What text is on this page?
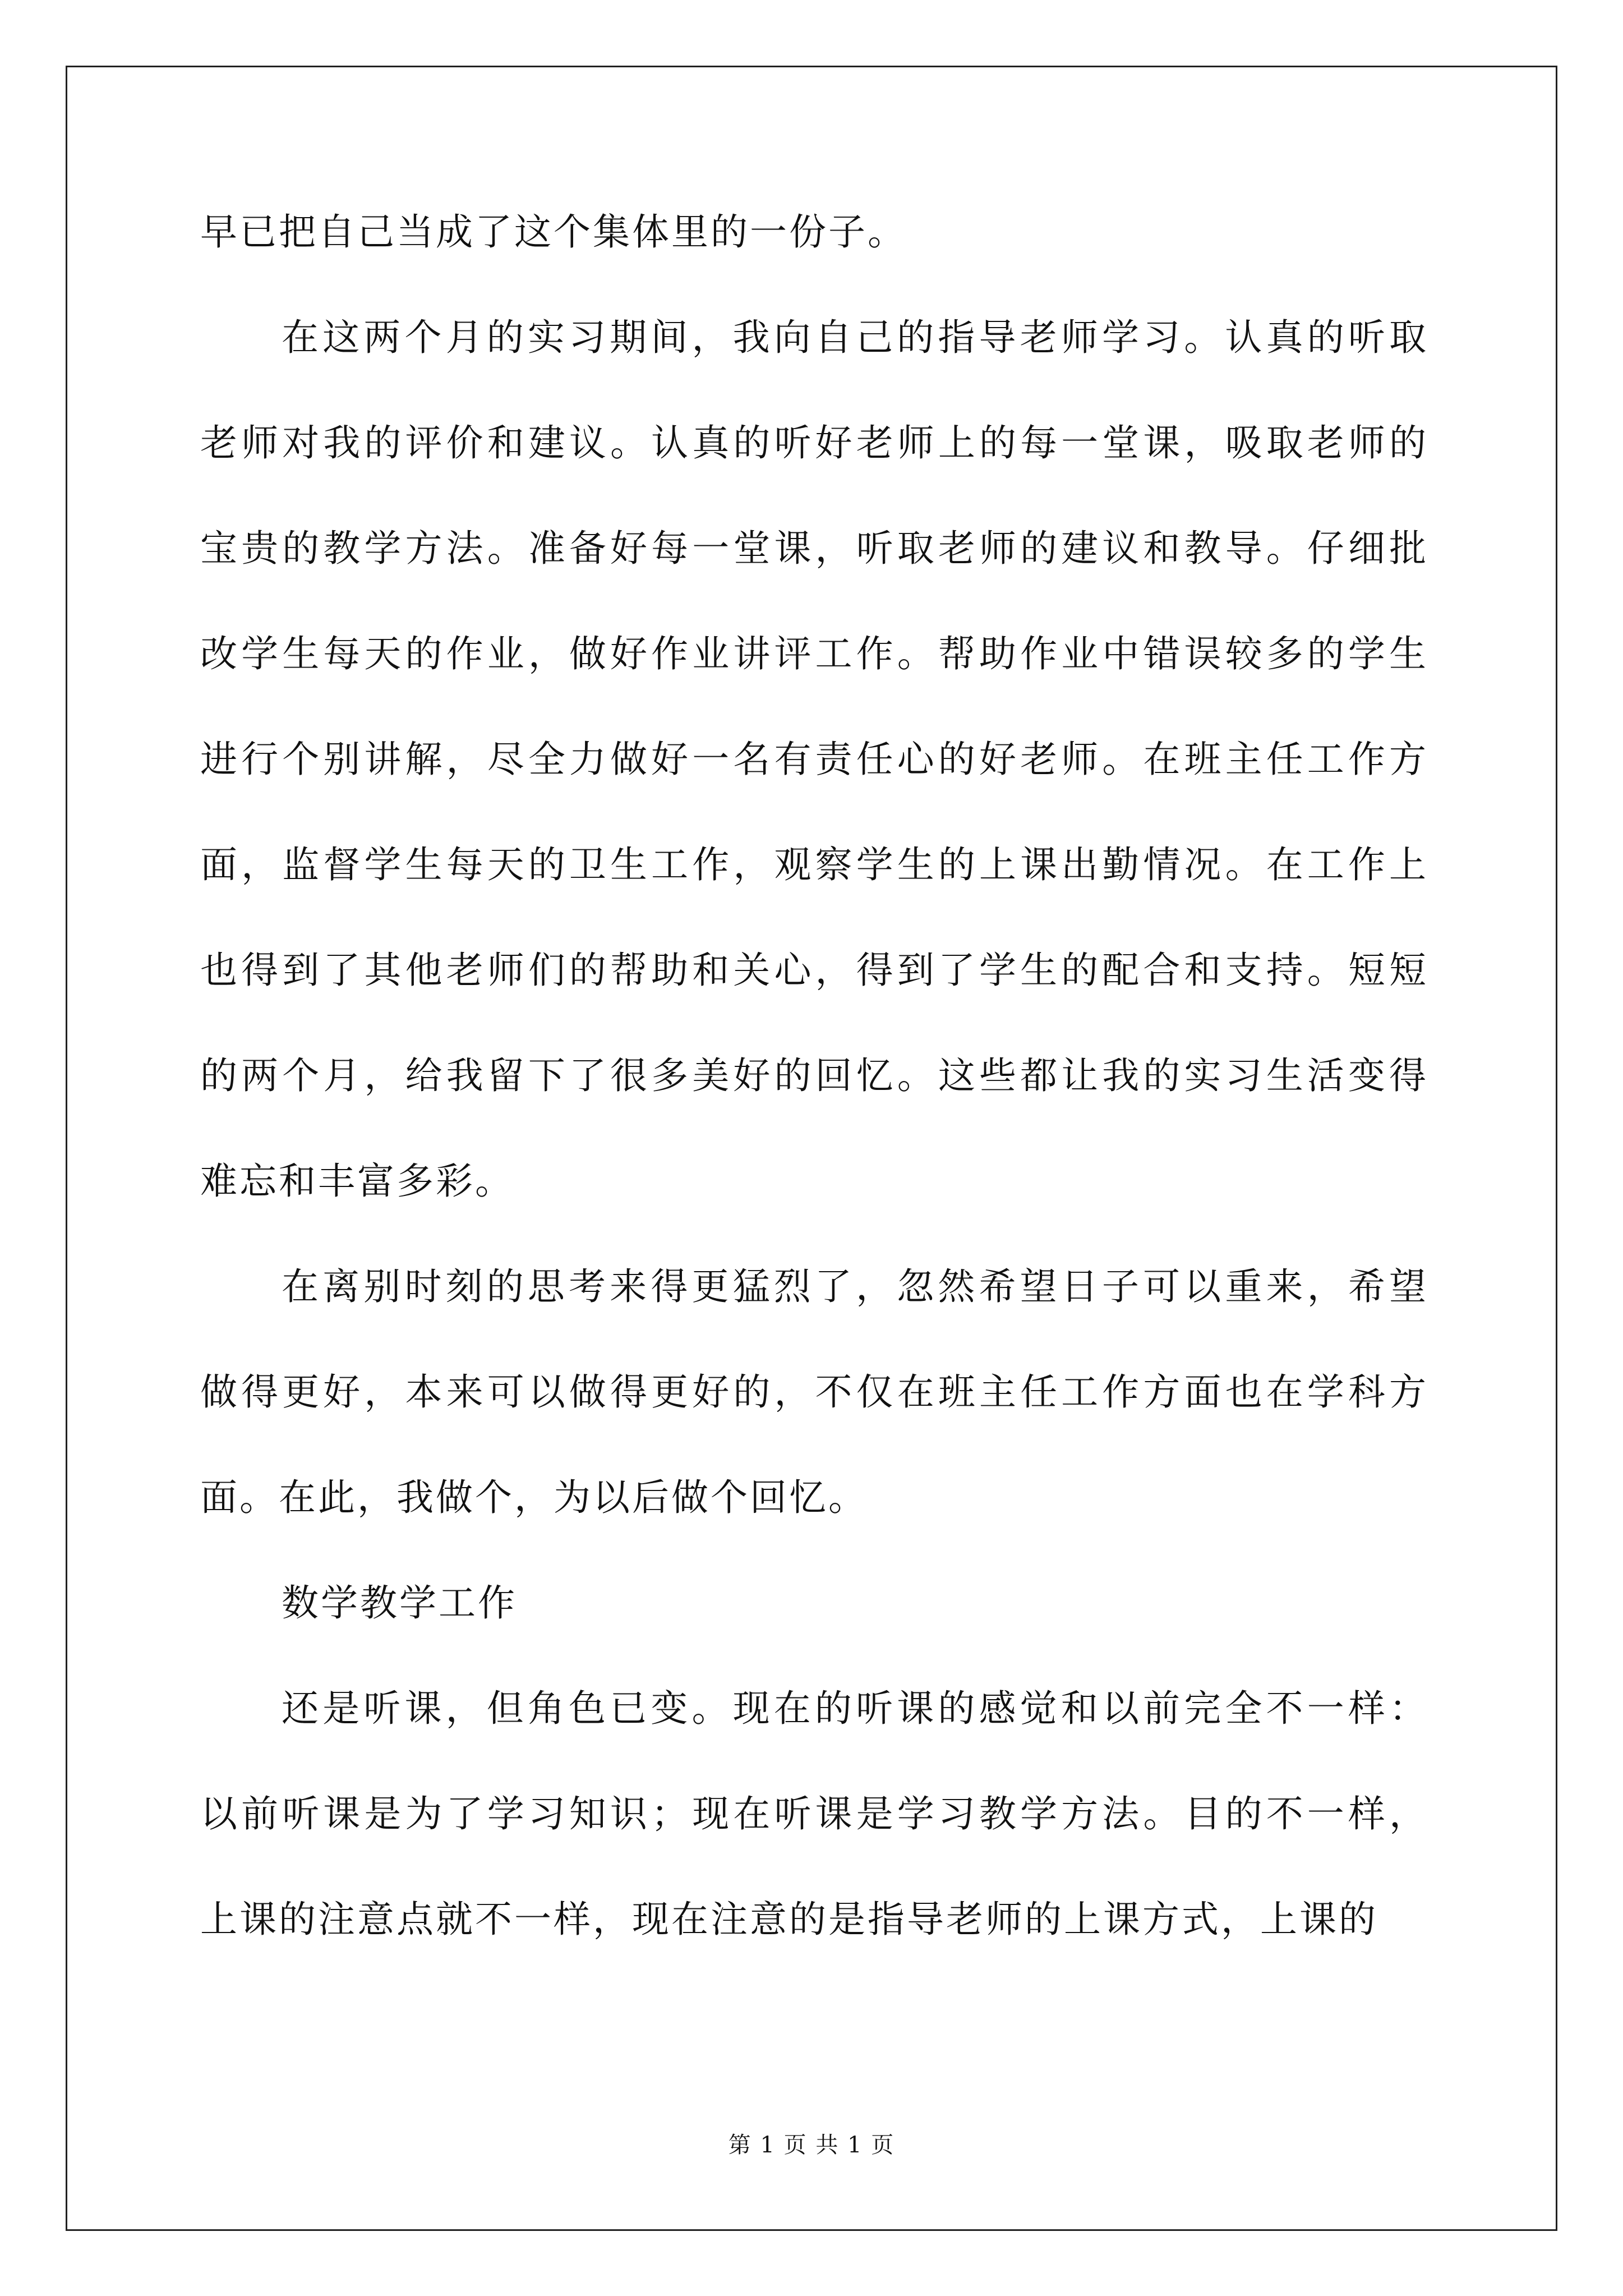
早已把自己当成了这个集体里的一份子。
在这两个月的实习期间，我向自己的指导老师学习。认真的听取
老师对我的评价和建议。认真的听好老师上的每一堂课，吸取老师的
宝贵的教学方法。准备好每一堂课，听取老师的建议和教导。仔细批
改学生每天的作业，做好作业讲评工作。帮助作业中错误较多的学生
进行个别讲解，尽全力做好一名有责任心的好老师。在班主任工作方
面，监督学生每天的卫生工作，观察学生的上课出勤情况。在工作上
也得到了其他老师们的帮助和关心，得到了学生的配合和支持。短短
的两个月，给我留下了很多美好的回忆。这些都让我的实习生活变得
难忘和丰富多彩。
在离别时刻的思考来得更猛烈了，忽然希望日子可以重来，希望
做得更好，本来可以做得更好的，不仅在班主任工作方面也在学科方
面。在此，我做个，为以后做个回忆。
数学教学工作
还是听课，但角色已变。现在的听课的感觉和以前完全不一样：
以前听课是为了学习知识；现在听课是学习教学方法。目的不一样，
上课的注意点就不一样，现在注意的是指导老师的上课方式，上课的
第 1 页 共 1 页
